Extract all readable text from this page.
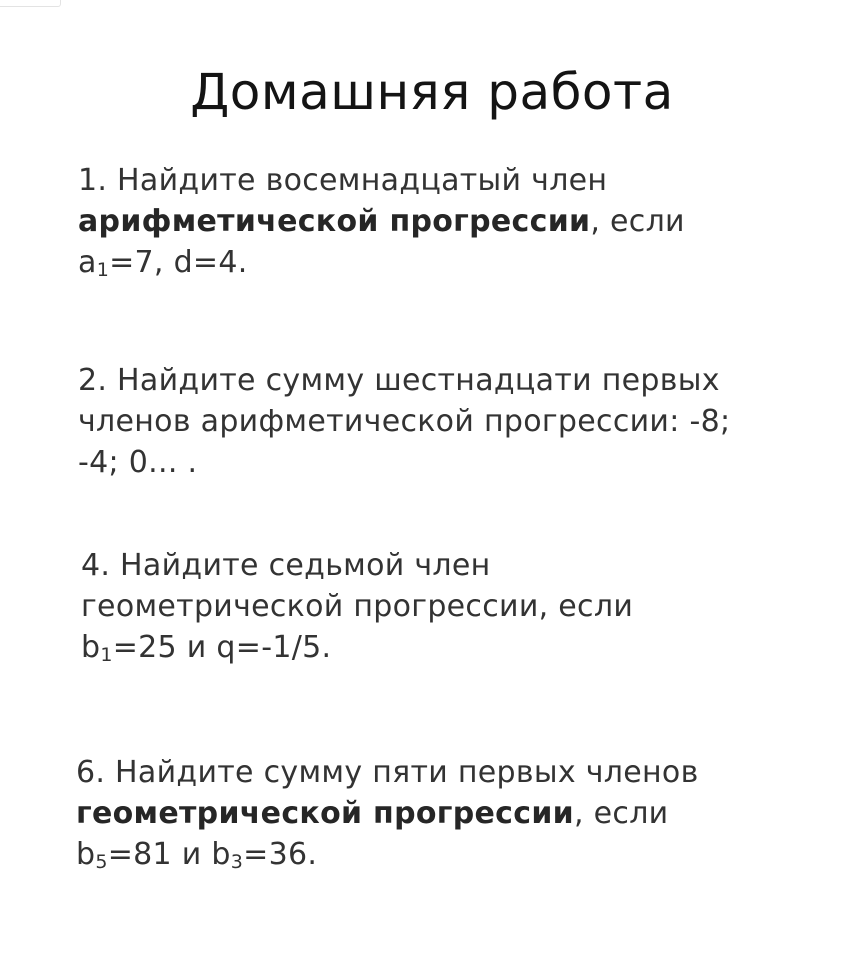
Домашняя работа
1. Найдите восемнадцатый член
арифметической прогрессии, если
$a_1=7$, d=4.
2. Найдите сумму шестнадцати первых
членов арифметической прогрессии: -8;
-4; 0... .
4. Найдите седьмой член
геометрической прогрессии, если
$b_1=25$ и q=-1/5.
6. Найдите сумму пяти первых членов
геометрической прогрессии, если
$b_5=81$ и $b_3=36$.
